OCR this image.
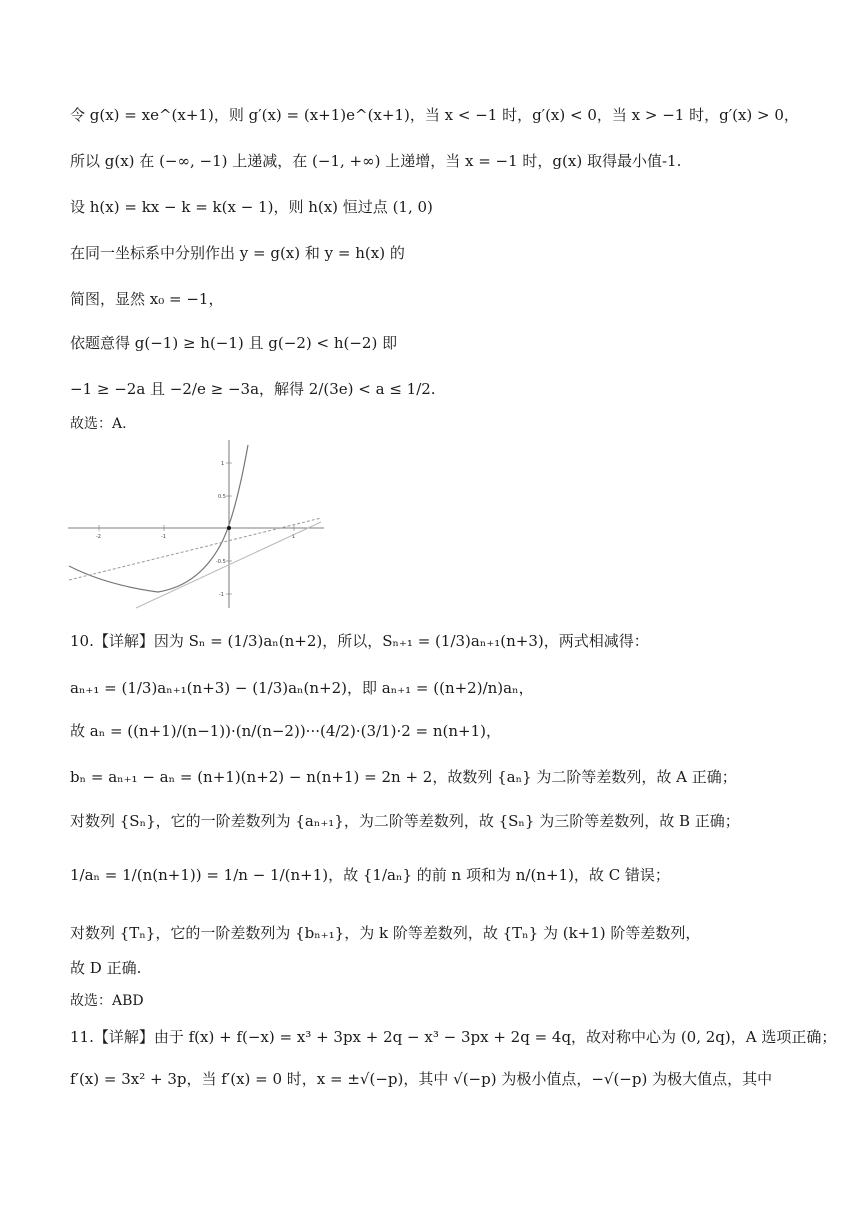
令 g(x) = xe^(x+1)，则 g′(x) = (x+1)e^(x+1)，当 x < −1 时，g′(x) < 0，当 x > −1 时，g′(x) > 0，
所以 g(x) 在 (−∞, −1) 上递减，在 (−1, +∞) 上递增，当 x = −1 时，g(x) 取得最小值-1.
设 h(x) = kx − k = k(x − 1)，则 h(x) 恒过点 (1, 0)
在同一坐标系中分别作出 y = g(x) 和 y = h(x) 的
简图，显然 x₀ = −1，
依题意得 g(−1) ≥ h(−1) 且 g(−2) < h(−2) 即
−1 ≥ −2a 且 −2/e ≥ −3a，解得 2/(3e) < a ≤ 1/2.
故选：A.
-2	-1	1
1
0.5
-0.5
-1
10.【详解】因为 Sₙ = (1/3)aₙ(n+2)，所以，Sₙ₊₁ = (1/3)aₙ₊₁(n+3)，两式相减得：
aₙ₊₁ = (1/3)aₙ₊₁(n+3) − (1/3)aₙ(n+2)，即 aₙ₊₁ = ((n+2)/n)aₙ，
故 aₙ = ((n+1)/(n−1))·(n/(n−2))···(4/2)·(3/1)·2 = n(n+1)，
bₙ = aₙ₊₁ − aₙ = (n+1)(n+2) − n(n+1) = 2n + 2，故数列 {aₙ} 为二阶等差数列，故 A 正确；
对数列 {Sₙ}，它的一阶差数列为 {aₙ₊₁}，为二阶等差数列，故 {Sₙ} 为三阶等差数列，故 B 正确；
1/aₙ = 1/(n(n+1)) = 1/n − 1/(n+1)，故 {1/aₙ} 的前 n 项和为 n/(n+1)，故 C 错误；
对数列 {Tₙ}，它的一阶差数列为 {bₙ₊₁}，为 k 阶等差数列，故 {Tₙ} 为 (k+1) 阶等差数列，
故 D 正确.
故选：ABD
11.【详解】由于 f(x) + f(−x) = x³ + 3px + 2q − x³ − 3px + 2q = 4q，故对称中心为 (0, 2q)，A 选项正确；
f′(x) = 3x² + 3p，当 f′(x) = 0 时，x = ±√(−p)，其中 √(−p) 为极小值点，−√(−p) 为极大值点，其中
